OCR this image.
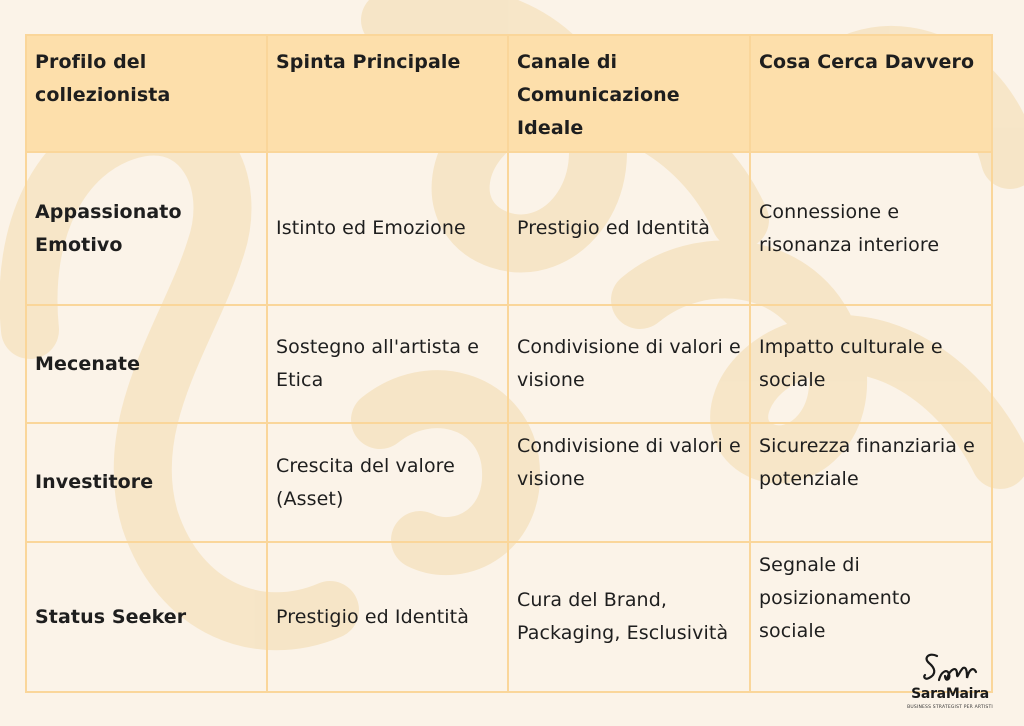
Profilo del collezionista	Spinta Principale	Canale di Comunicazione Ideale	Cosa Cerca Davvero
Appassionato Emotivo	Istinto ed Emozione	Prestigio ed Identità	Connessione e risonanza interiore
Mecenate	Sostegno all'artista e Etica	Condivisione di valori e visione	Impatto culturale e sociale
Investitore	Crescita del valore (Asset)	Condivisione di valori e visione	Sicurezza finanziaria e potenziale
Status Seeker	Prestigio ed Identità	Cura del Brand, Packaging, Esclusività	Segnale di posizionamento sociale
SaraMaira
BUSINESS STRATEGIST PER ARTISTI
